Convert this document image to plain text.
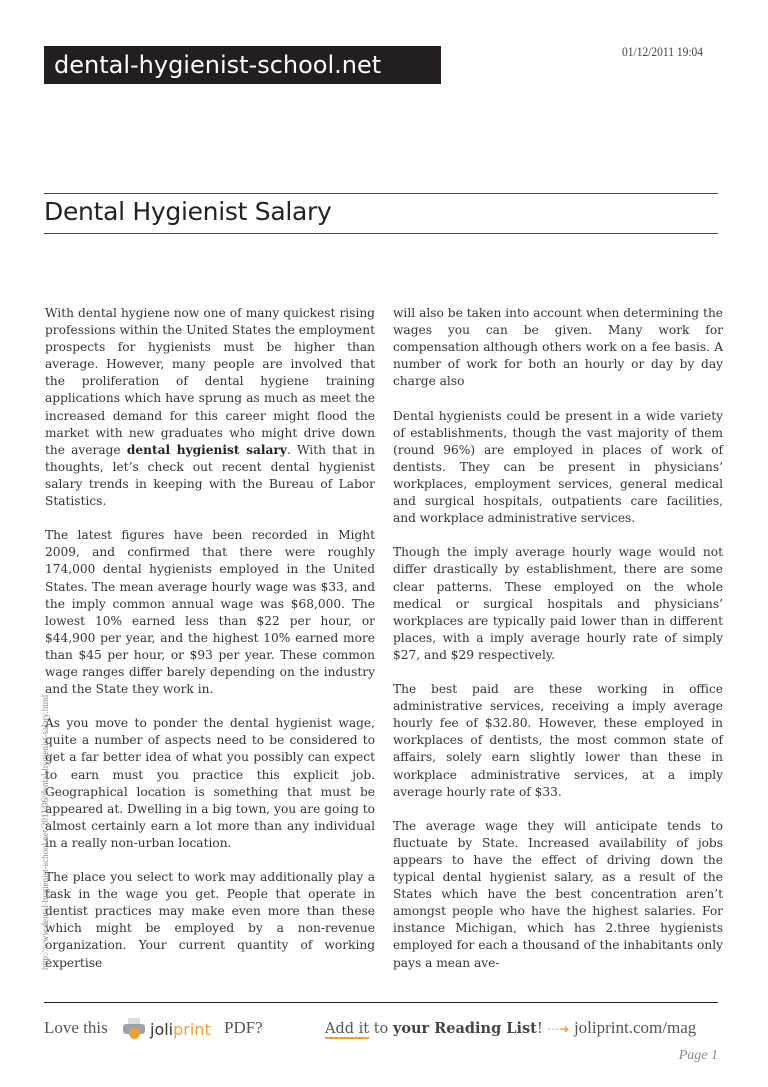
dental-hygienist-school.net	01/12/2011 19:04
Dental Hygienist Salary

With dental hygiene now one of many quickest rising professions within the United States the employment prospects for hygienists must be higher than average. However, many people are involved that the proliferation of dental hygiene training applications which have sprung as much as meet the increased demand for this career might flood the market with new graduates who might drive down the average dental hygienist salary. With that in thoughts, let’s check out recent dental hygienist salary trends in keeping with the Bureau of Labor Statistics.

The latest figures have been recorded in Might 2009, and confirmed that there were roughly 174,000 dental hygienists employed in the United States. The mean average hourly wage was $33, and the imply common annual wage was $68,000. The lowest 10% earned less than $22 per hour, or $44,900 per year, and the highest 10% earned more than $45 per hour, or $93 per year. These common wage ranges differ barely depending on the industry and the State they work in.

As you move to ponder the dental hygienist wage, quite a number of aspects need to be considered to get a far better idea of what you possibly can expect to earn must you practice this explicit job. Geographical location is something that must be appeared at. Dwelling in a big town, you are going to almost certainly earn a lot more than any individual in a really non-urban location.

The place you select to work may additionally play a task in the wage you get. People that operate in dentist practices may make even more than these which might be employed by a non-revenue organization. Your current quantity of working expertise

will also be taken into account when determining the wages you can be given. Many work for compensation although others work on a fee basis. A number of work for both an hourly or day by day charge also

Dental hygienists could be present in a wide variety of establishments, though the vast majority of them (round 96%) are employed in places of work of dentists. They can be present in physicians’ workplaces, employment services, general medical and surgical hospitals, outpatients care facilities, and workplace administrative services.

Though the imply average hourly wage would not differ drastically by establishment, there are some clear patterns. These employed on the whole medical or surgical hospitals and physicians’ workplaces are typically paid lower than in different places, with a imply average hourly rate of simply $27, and $29 respectively.

The best paid are these working in office administrative services, receiving a imply average hourly fee of $32.80. However, these employed in workplaces of dentists, the most common state of affairs, solely earn slightly lower than these in workplace administrative services, at a imply average hourly rate of $33.

The average wage they will anticipate tends to fluctuate by State. Increased availability of jobs appears to have the effect of driving down the typical dental hygienist salary, as a result of the States which have the best concentration aren’t amongst people who have the highest salaries. For instance Michigan, which has 2.three hygienists employed for each a thousand of the inhabitants only pays a mean ave-

http://www.dental-hygienist-school.net/2011/06/dental-hygienist-salary.html
Love this	joliprint PDF?	Add it to your Reading List! ⋯➜ joliprint.com/mag
Page 1
